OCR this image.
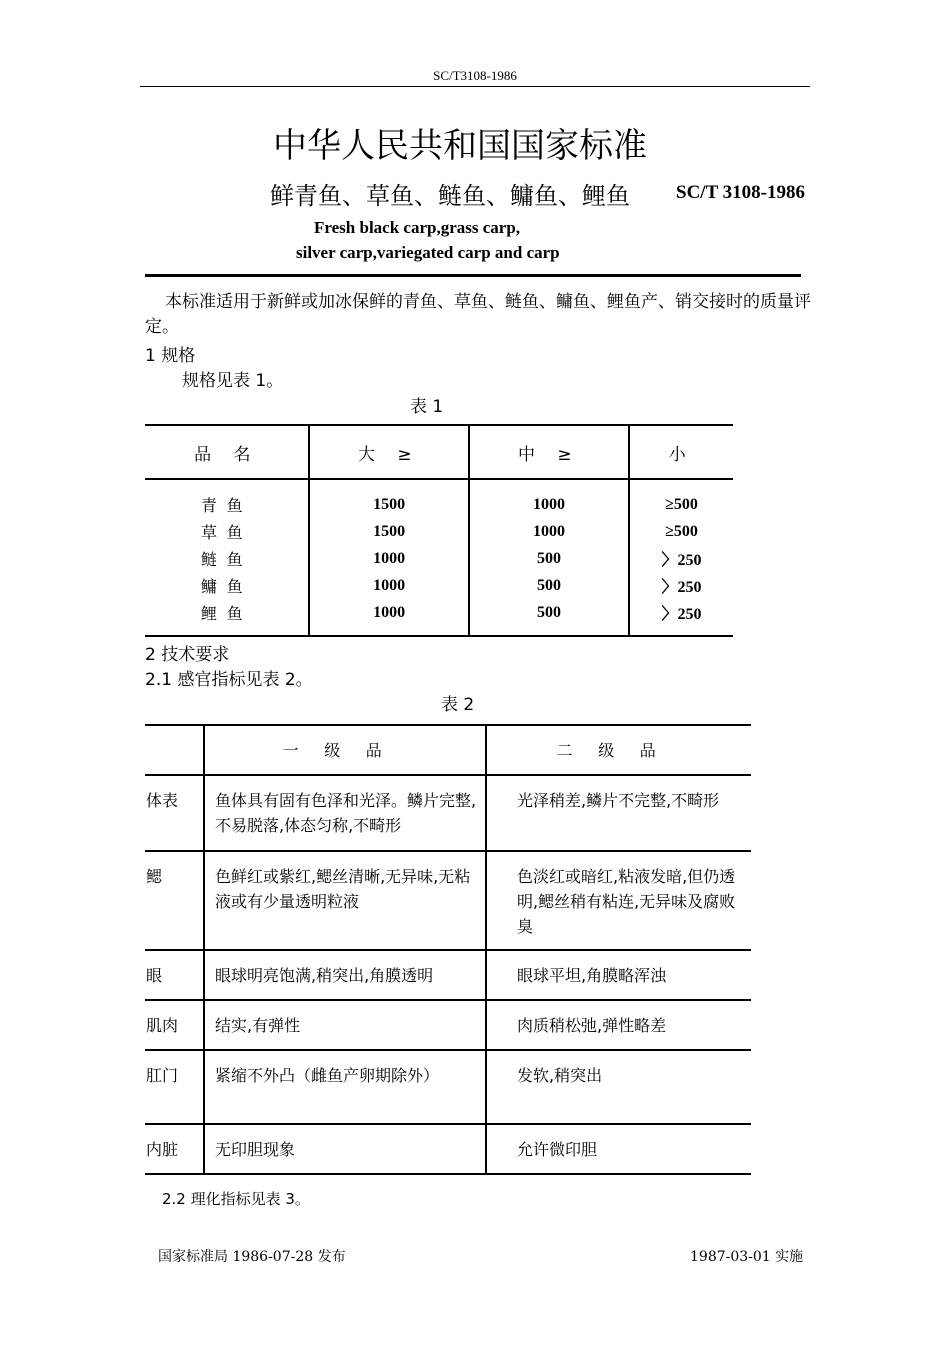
SC/T3108-1986
中华人民共和国国家标准
鲜青鱼、草鱼、鲢鱼、鳙鱼、鲤鱼 SC/T 3108-1986
Fresh black carp,grass carp,
silver carp,variegated carp and carp
本标准适用于新鲜或加冰保鲜的青鱼、草鱼、鲢鱼、鳙鱼、鲤鱼产、销交接时的质量评定。
1 规格
规格见表 1。
表 1
品 名	大 ≥	中 ≥	小
青鱼	1500	1000	≥500
草鱼	1500	1000	≥500
鲢鱼	1000	500	〉250
鳙鱼	1000	500	〉250
鲤鱼	1000	500	〉250
2 技术要求
2.1 感官指标见表 2。
表 2
	一级品	二级品
体表	鱼体具有固有色泽和光泽。鳞片完整,不易脱落,体态匀称,不畸形	光泽稍差,鳞片不完整,不畸形
鳃	色鲜红或紫红,鳃丝清晰,无异味,无粘液或有少量透明粒液	色淡红或暗红,粘液发暗,但仍透明,鳃丝稍有粘连,无异味及腐败臭
眼	眼球明亮饱满,稍突出,角膜透明	眼球平坦,角膜略浑浊
肌肉	结实,有弹性	肉质稍松弛,弹性略差
肛门	紧缩不外凸（雌鱼产卵期除外）	发软,稍突出
内脏	无印胆现象	允许微印胆
2.2 理化指标见表 3。
国家标准局 1986-07-28 发布	1987-03-01 实施
